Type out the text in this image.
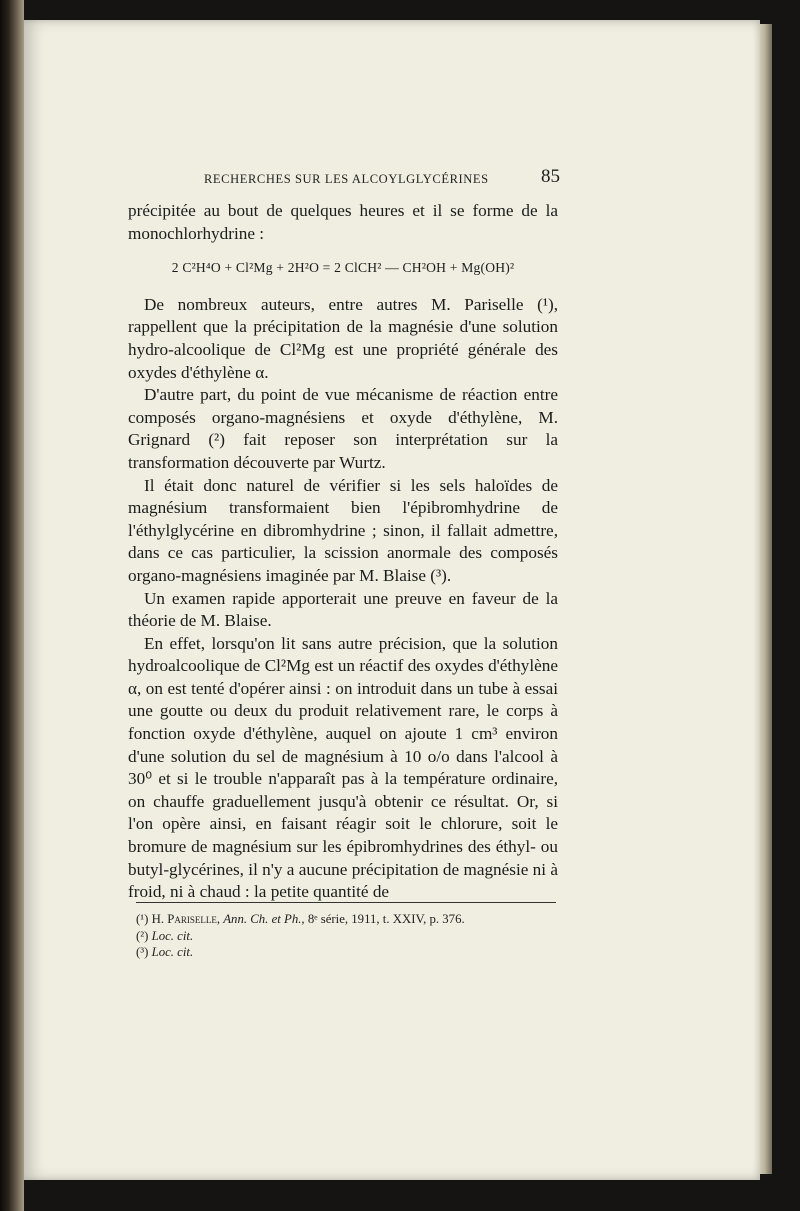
RECHERCHES SUR LES ALCOYLGLYCÉRINES	85

précipitée au bout de quelques heures et il se forme de la monochlorhydrine :

2 C²H⁴O + Cl²Mg + 2H²O = 2 ClCH² — CH²OH + Mg(OH)²

De nombreux auteurs, entre autres M. Pariselle (¹), rappellent que la précipitation de la magnésie d'une solution hydro-alcoolique de Cl²Mg est une propriété générale des oxydes d'éthylène α.

D'autre part, du point de vue mécanisme de réaction entre composés organo-magnésiens et oxyde d'éthylène, M. Grignard (²) fait reposer son interprétation sur la transformation découverte par Wurtz.

Il était donc naturel de vérifier si les sels haloïdes de magnésium transformaient bien l'épibromhydrine de l'éthylglycérine en dibromhydrine ; sinon, il fallait admettre, dans ce cas particulier, la scission anormale des composés organo-magnésiens imaginée par M. Blaise (³).

Un examen rapide apporterait une preuve en faveur de la théorie de M. Blaise.

En effet, lorsqu'on lit sans autre précision, que la solution hydroalcoolique de Cl²Mg est un réactif des oxydes d'éthylène α, on est tenté d'opérer ainsi : on introduit dans un tube à essai une goutte ou deux du produit relativement rare, le corps à fonction oxyde d'éthylène, auquel on ajoute 1 cm³ environ d'une solution du sel de magnésium à 10 o/o dans l'alcool à 30⁰ et si le trouble n'apparaît pas à la température ordinaire, on chauffe graduellement jusqu'à obtenir ce résultat. Or, si l'on opère ainsi, en faisant réagir soit le chlorure, soit le bromure de magnésium sur les épibromhydrines des éthyl- ou butyl-glycérines, il n'y a aucune précipitation de magnésie ni à froid, ni à chaud : la petite quantité de

(¹) H. Pariselle, Ann. Ch. et Ph., 8ᵉ série, 1911, t. XXIV, p. 376.

(²) Loc. cit.

(³) Loc. cit.
